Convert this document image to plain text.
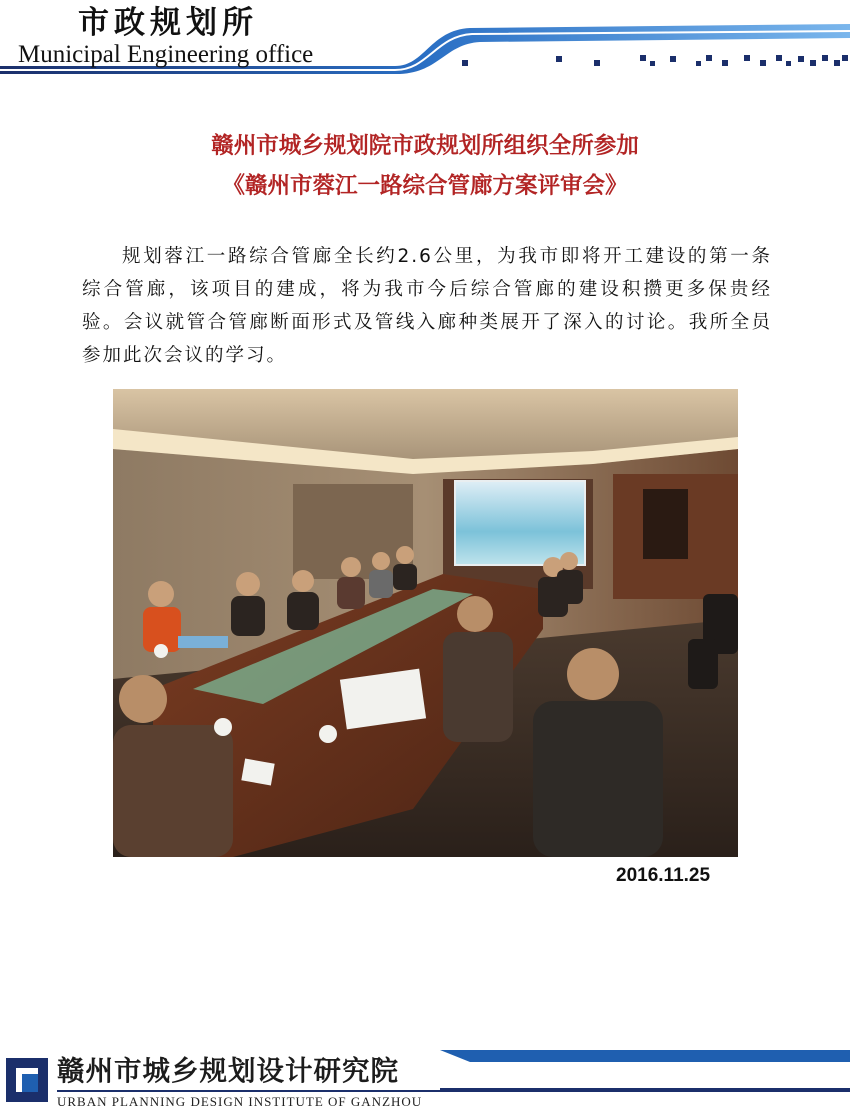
市政规划所
Municipal Engineering office
赣州市城乡规划院市政规划所组织全所参加
《赣州市蓉江一路综合管廊方案评审会》

规划蓉江一路综合管廊全长约2.6公里，为我市即将开工建设的第一条综合管廊，该项目的建成，将为我市今后综合管廊的建设积攒更多保贵经验。会议就管合管廊断面形式及管线入廊种类展开了深入的讨论。我所全员参加此次会议的学习。

2016.11.25
赣州市城乡规划设计研究院
URBAN PLANNING DESIGN INSTITUTE OF GANZHOU
